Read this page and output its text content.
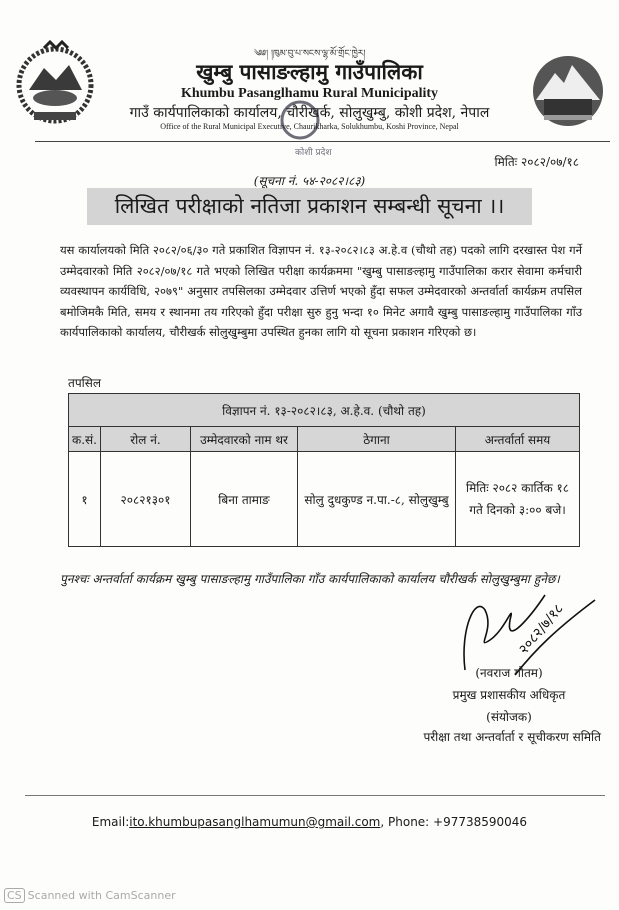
༄༅། །ཁུམ་བུ་པ་སངས་ལྷ་མོ་གྲོང་ཁྱེར།
खुम्बु पासाङल्हामु गाउँपालिका
Khumbu Pasanglhamu Rural Municipality
गाउँ कार्यपालिकाको कार्यालय, चौरीखर्क, सोलुखुम्बु, कोशी प्रदेश, नेपाल
Office of the Rural Municipal Executive, Chaurikharka, Solukhumbu, Koshi Province, Nepal
कोशी प्रदेश
मितिः २०८२/०७/१८
(सूचना नं. ५४-२०८२।८३)
लिखित परीक्षाको नतिजा प्रकाशन सम्बन्धी सूचना ।।
यस कार्यालयको मिति २०८२/०६/३० गते प्रकाशित विज्ञापन नं. १३-२०८२।८३ अ.हे.व (चौथो तह) पदको लागि दरखास्त पेश गर्ने उम्मेदवारको मिति २०८२/०७/१८ गते भएको लिखित परीक्षा कार्यक्रममा "खुम्बु पासाङल्हामु गाउँपालिका करार सेवामा कर्मचारी व्यवस्थापन कार्यविधि, २०७९" अनुसार तपसिलका उम्मेदवार उत्तिर्ण भएको हुँदा सफल उम्मेदवारको अन्तर्वार्ता कार्यक्रम तपसिल बमोजिमकै मिति, समय र स्थानमा तय गरिएको हुँदा परीक्षा सुरु हुनु भन्दा १० मिनेट अगावै खुम्बु पासाङल्हामु गाउँपालिका गाँउ कार्यपालिकाको कार्यालय, चौरीखर्क सोलुखुम्बुमा उपस्थित हुनका लागि यो सूचना प्रकाशन गरिएको छ।
तपसिल
विज्ञापन नं. १३-२०८२।८३, अ.हे.व. (चौथो तह)				
क.सं.	रोल नं.	उम्मेदवारको नाम थर	ठेगाना	अन्तर्वार्ता समय
१	२०८२१३०१	बिना तामाङ	सोलु दुधकुण्ड न.पा.-८, सोलुखुम्बु	मितिः २०८२ कार्तिक १८ गते दिनको ३:०० बजे।
पुनश्चः अन्तर्वार्ता कार्यक्रम खुम्बु पासाङल्हामु गाउँपालिका गाँउ कार्यपालिकाको कार्यालय चौरीखर्क सोलुखुम्बुमा हुनेछ।
२०८२/७/१८
(नवराज गौतम)
प्रमुख प्रशासकीय अधिकृत
(संयोजक)
परीक्षा तथा अन्तर्वार्ता र सूचीकरण समिति
Email:ito.khumbupasanglhamumun@gmail.com, Phone: +97738590046
CS Scanned with CamScanner
